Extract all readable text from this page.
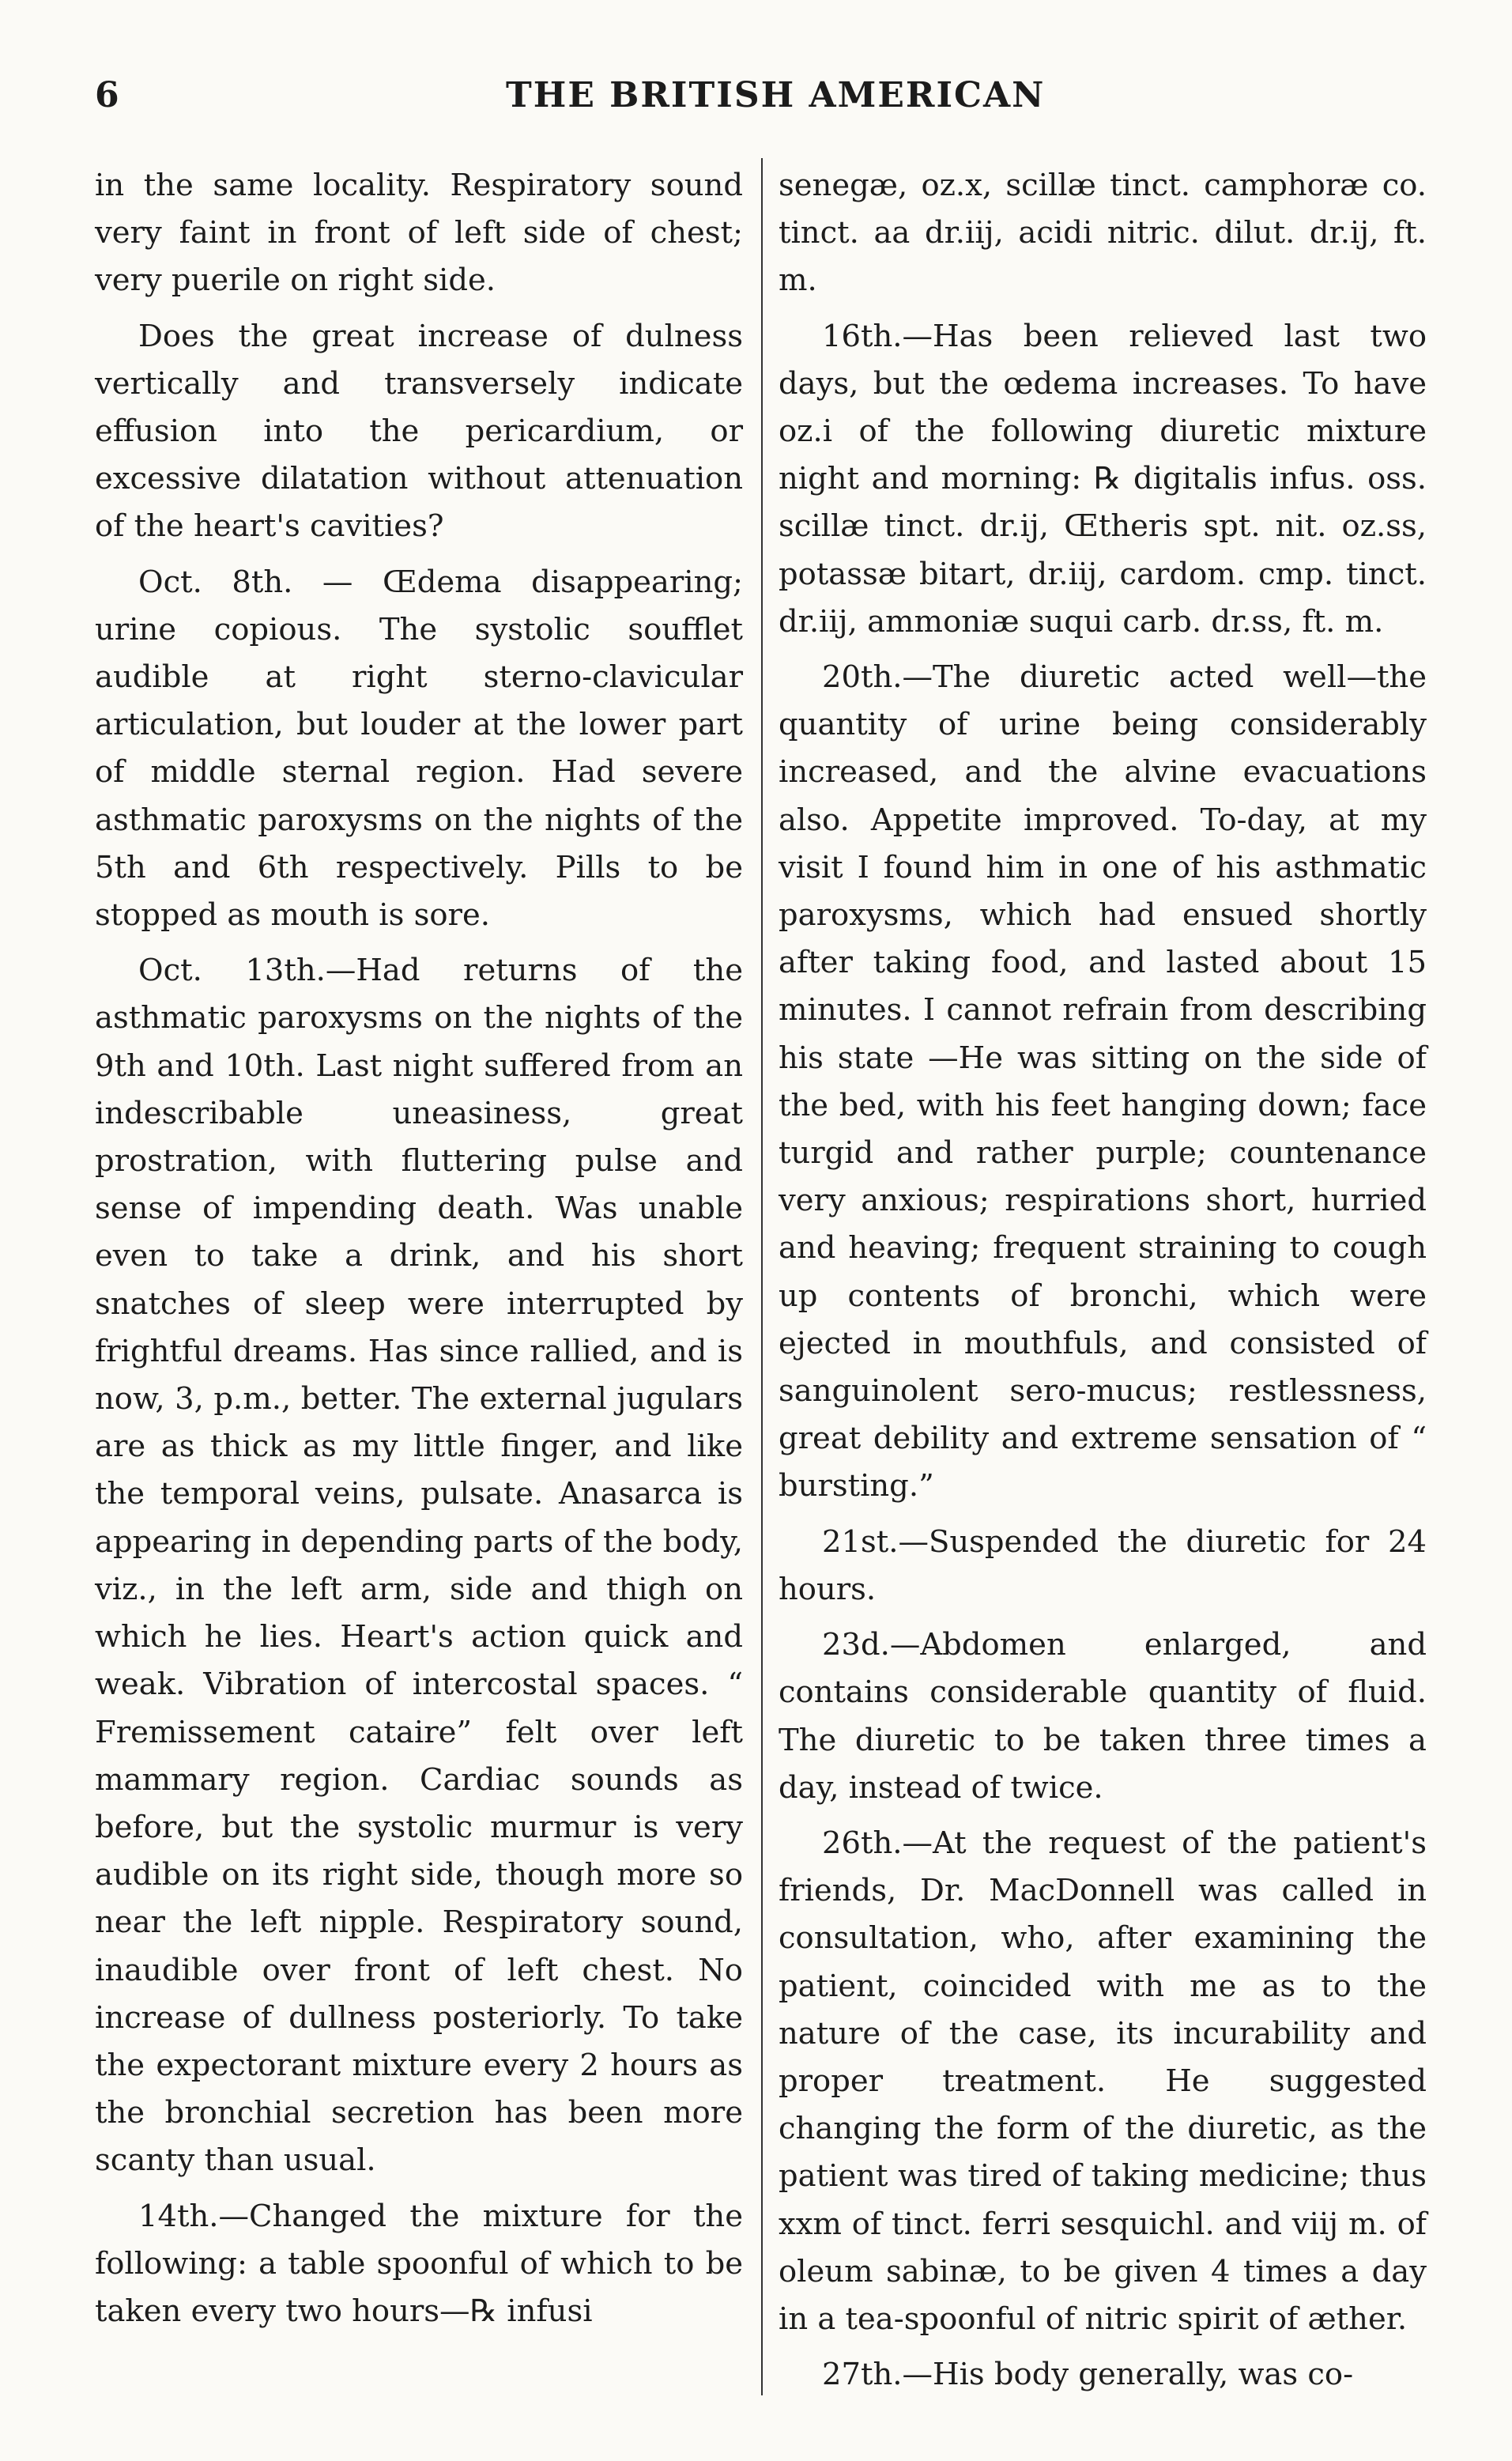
6	THE BRITISH AMERICAN

in the same locality. Respiratory sound very faint in front of left side of chest; very puerile on right side.

Does the great increase of dulness vertically and transversely indicate effusion into the pericardium, or excessive dilatation without attenuation of the heart's cavities?

Oct. 8th. — Œdema disappearing; urine copious. The systolic soufflet audible at right sterno-clavicular articulation, but louder at the lower part of middle sternal region. Had severe asthmatic paroxysms on the nights of the 5th and 6th respectively. Pills to be stopped as mouth is sore.

Oct. 13th.—Had returns of the asthmatic paroxysms on the nights of the 9th and 10th. Last night suffered from an indescribable uneasiness, great prostration, with fluttering pulse and sense of impending death. Was unable even to take a drink, and his short snatches of sleep were interrupted by frightful dreams. Has since rallied, and is now, 3, p.m., better. The external jugulars are as thick as my little finger, and like the temporal veins, pulsate. Anasarca is appearing in depending parts of the body, viz., in the left arm, side and thigh on which he lies. Heart's action quick and weak. Vibration of intercostal spaces. “ Fremissement cataire” felt over left mammary region. Cardiac sounds as before, but the systolic murmur is very audible on its right side, though more so near the left nipple. Respiratory sound, inaudible over front of left chest. No increase of dullness posteriorly. To take the expectorant mixture every 2 hours as the bronchial secretion has been more scanty than usual.

14th.—Changed the mixture for the following: a table spoonful of which to be taken every two hours—℞ infusi

senegæ, oz.x, scillæ tinct. camphoræ co. tinct. aa dr.iij, acidi nitric. dilut. dr.ij, ft. m.

16th.—Has been relieved last two days, but the œdema increases. To have oz.i of the following diuretic mixture night and morning: ℞ digitalis infus. oss. scillæ tinct. dr.ij, Œtheris spt. nit. oz.ss, potassæ bitart, dr.iij, cardom. cmp. tinct. dr.iij, ammoniæ suqui carb. dr.ss, ft. m.

20th.—The diuretic acted well—the quantity of urine being considerably increased, and the alvine evacuations also. Appetite improved. To-day, at my visit I found him in one of his asthmatic paroxysms, which had ensued shortly after taking food, and lasted about 15 minutes. I cannot refrain from describing his state —He was sitting on the side of the bed, with his feet hanging down; face turgid and rather purple; countenance very anxious; respirations short, hurried and heaving; frequent straining to cough up contents of bronchi, which were ejected in mouthfuls, and consisted of sanguinolent sero-mucus; restlessness, great debility and extreme sensation of “ bursting.”

21st.—Suspended the diuretic for 24 hours.

23d.—Abdomen enlarged, and contains considerable quantity of fluid. The diuretic to be taken three times a day, instead of twice.

26th.—At the request of the patient's friends, Dr. MacDonnell was called in consultation, who, after examining the patient, coincided with me as to the nature of the case, its incurability and proper treatment. He suggested changing the form of the diuretic, as the patient was tired of taking medicine; thus xxm of tinct. ferri sesquichl. and viij m. of oleum sabinæ, to be given 4 times a day in a tea-spoonful of nitric spirit of æther.

27th.—His body generally, was co-
